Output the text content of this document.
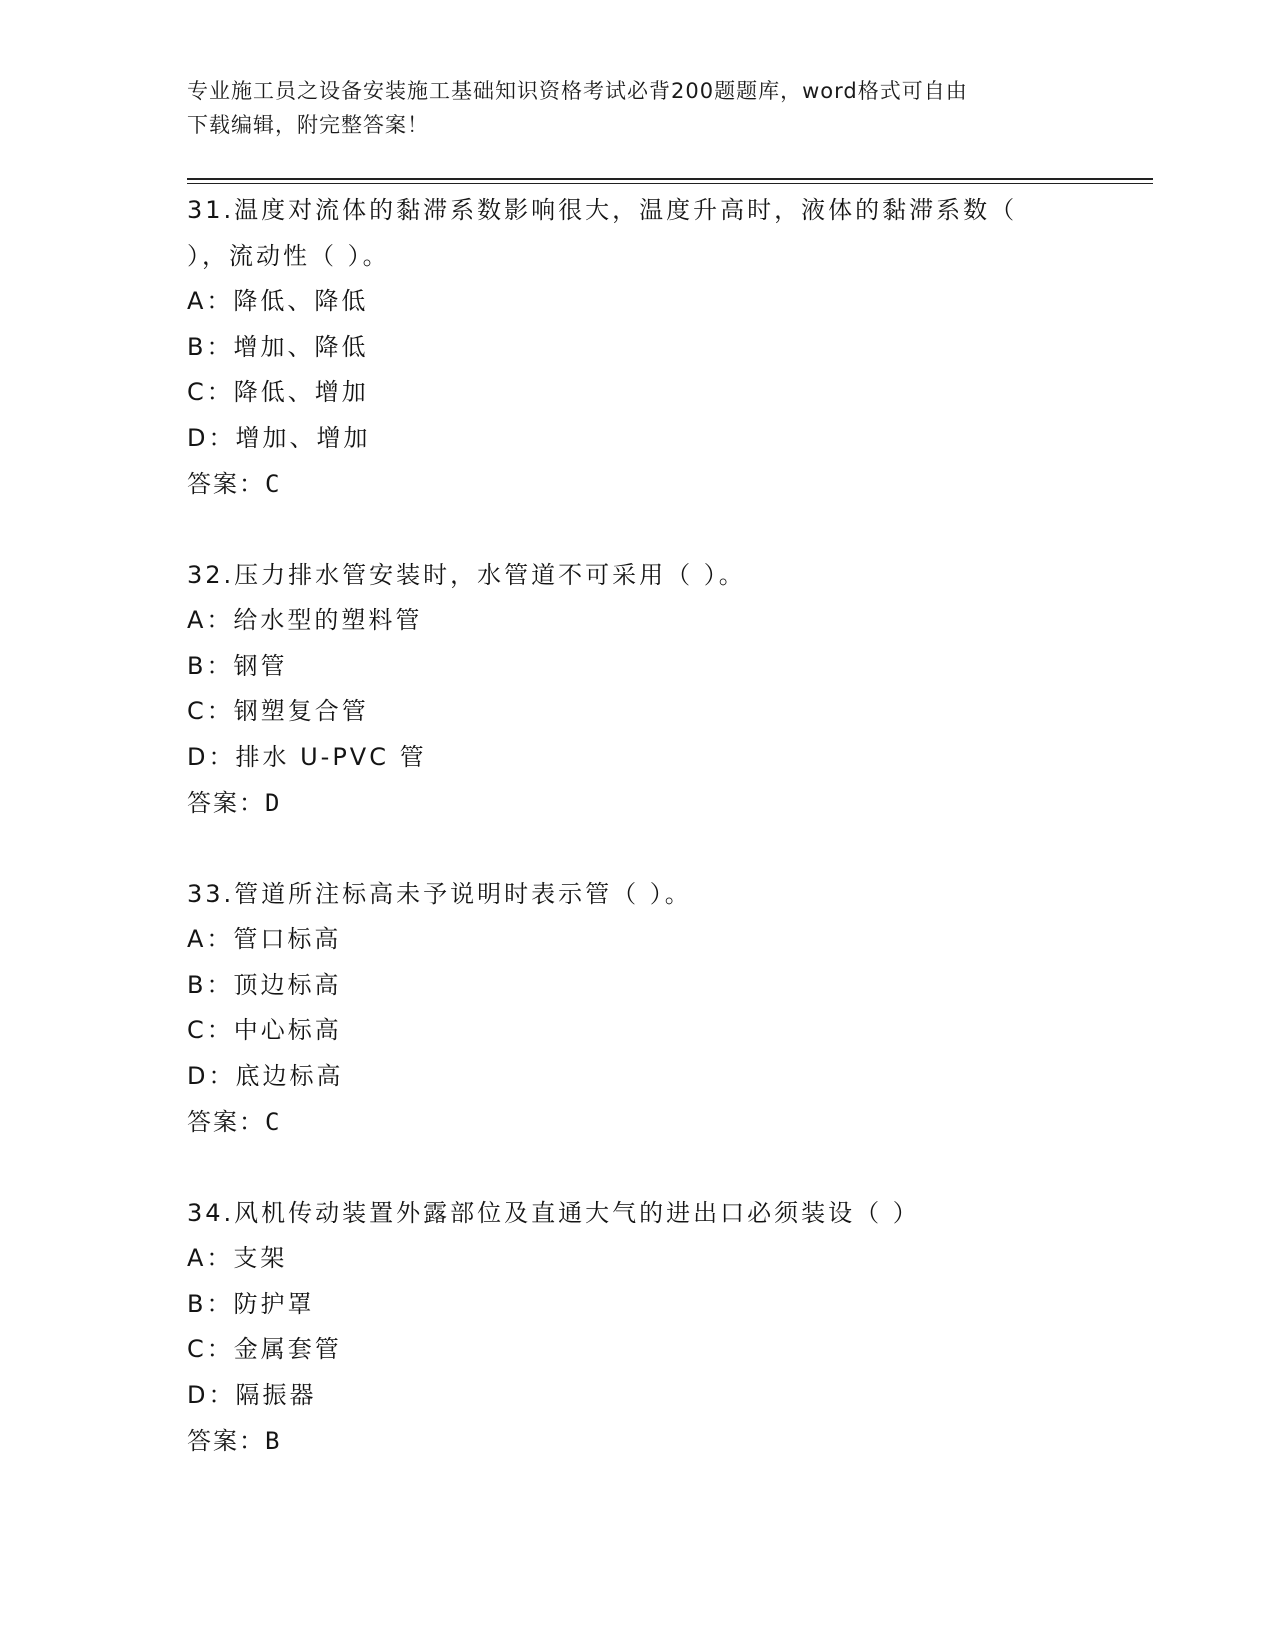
专业施工员之设备安装施工基础知识资格考试必背200题题库，word格式可自由
下载编辑，附完整答案！
31.温度对流体的黏滞系数影响很大，温度升高时，液体的黏滞系数（
），流动性（ ）。
A：降低、降低
B：增加、降低
C：降低、增加
D：增加、增加
答案：C
32.压力排水管安装时，水管道不可采用（ ）。
A：给水型的塑料管
B：钢管
C：钢塑复合管
D：排水 U-PVC 管
答案：D
33.管道所注标高未予说明时表示管（ ）。
A：管口标高
B：顶边标高
C：中心标高
D：底边标高
答案：C
34.风机传动装置外露部位及直通大气的进出口必须装设（ ）
A：支架
B：防护罩
C：金属套管
D：隔振器
答案：B
